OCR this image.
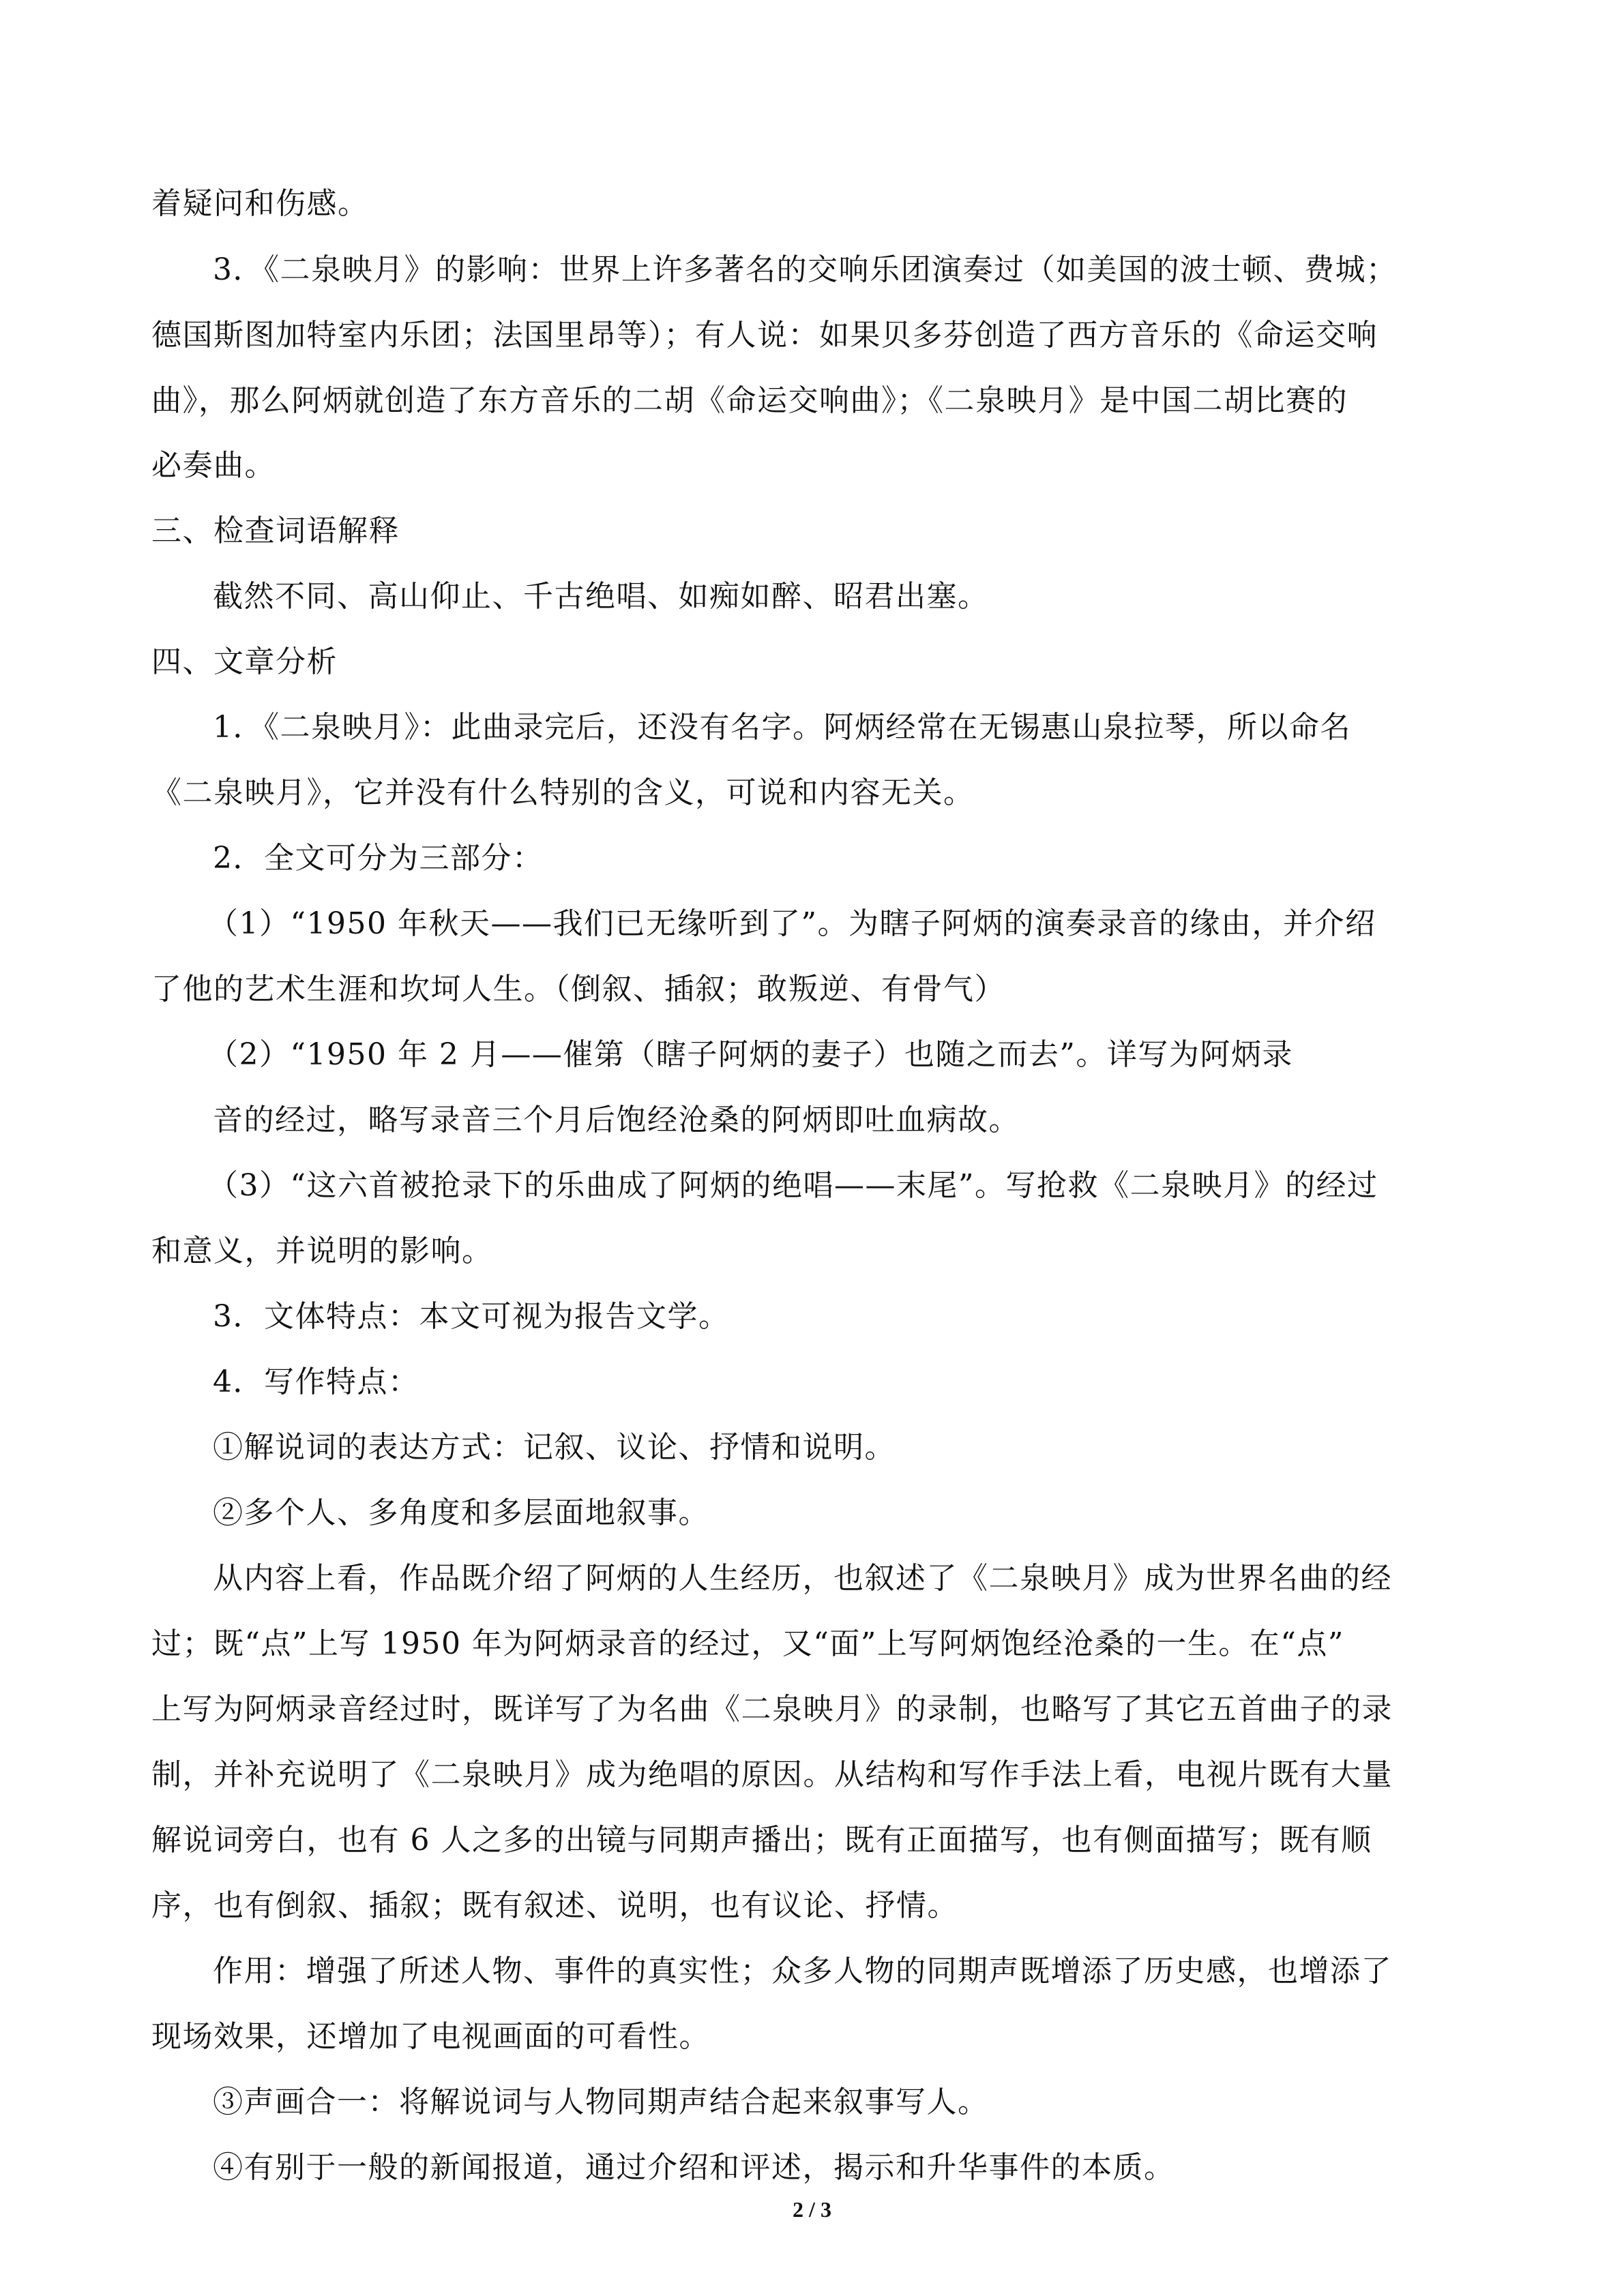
着疑问和伤感。
3．《二泉映月》的影响：世界上许多著名的交响乐团演奏过（如美国的波士顿、费城；
德国斯图加特室内乐团；法国里昂等）；有人说：如果贝多芬创造了西方音乐的《命运交响
曲》，那么阿炳就创造了东方音乐的二胡《命运交响曲》；《二泉映月》是中国二胡比赛的
必奏曲。
三、检查词语解释
截然不同、高山仰止、千古绝唱、如痴如醉、昭君出塞。
四、文章分析
1．《二泉映月》：此曲录完后，还没有名字。阿炳经常在无锡惠山泉拉琴，所以命名
《二泉映月》，它并没有什么特别的含义，可说和内容无关。
2．全文可分为三部分：
（1）“1950 年秋天——我们已无缘听到了”。为瞎子阿炳的演奏录音的缘由，并介绍
了他的艺术生涯和坎坷人生。（倒叙、插叙；敢叛逆、有骨气）
（2）“1950 年 2 月——催第（瞎子阿炳的妻子）也随之而去”。详写为阿炳录
音的经过，略写录音三个月后饱经沧桑的阿炳即吐血病故。
（3）“这六首被抢录下的乐曲成了阿炳的绝唱——末尾”。写抢救《二泉映月》的经过
和意义，并说明的影响。
3．文体特点：本文可视为报告文学。
4．写作特点：
①解说词的表达方式：记叙、议论、抒情和说明。
②多个人、多角度和多层面地叙事。
从内容上看，作品既介绍了阿炳的人生经历，也叙述了《二泉映月》成为世界名曲的经
过；既“点”上写 1950 年为阿炳录音的经过，又“面”上写阿炳饱经沧桑的一生。在“点”
上写为阿炳录音经过时，既详写了为名曲《二泉映月》的录制，也略写了其它五首曲子的录
制，并补充说明了《二泉映月》成为绝唱的原因。从结构和写作手法上看，电视片既有大量
解说词旁白，也有 6 人之多的出镜与同期声播出；既有正面描写，也有侧面描写；既有顺
序，也有倒叙、插叙；既有叙述、说明，也有议论、抒情。
作用：增强了所述人物、事件的真实性；众多人物的同期声既增添了历史感，也增添了
现场效果，还增加了电视画面的可看性。
③声画合一：将解说词与人物同期声结合起来叙事写人。
④有别于一般的新闻报道，通过介绍和评述，揭示和升华事件的本质。
2 / 3
